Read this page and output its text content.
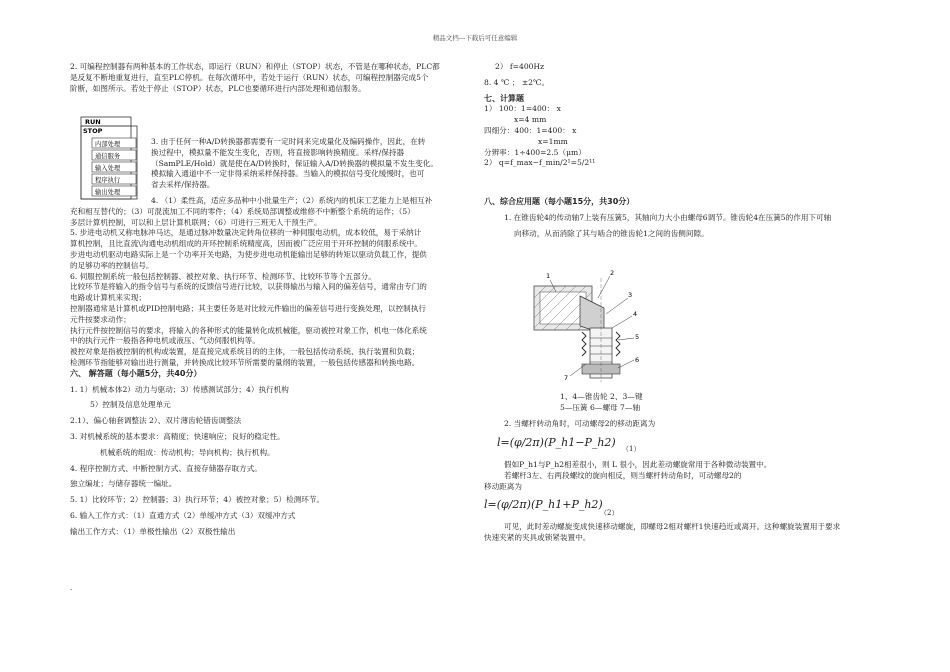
精品文档---下载后可任意编辑

2. 可编程控制器有两种基本的工作状态，即运行（RUN）和停止（STOP）状态，不管是在哪种状态，PLC都

是反复不断地重复进行，直至PLC停机。在每次循环中，若处于运行（RUN）状态，可编程控制器完成5个

阶断，如图所示。若处于停止（STOP）状态，PLC也要循环进行内部处理和通信服务。

RUN
STOP
内部处理
通信服务
输入处理
程序执行
输出处理

3. 由于任何一种A/D转换器都需要有一定时间来完成量化及编码操作，因此，在转

换过程中，模拟量不能发生变化，否则，将直接影响转换精度。采样/保持器

（SamPLE/Hold）就是使在A/D转换时，保证输入A/D转换器的模拟量不发生变化。

模拟输入通道中不一定非得采纳采样保持器。当输入的模拟信号变化缓慢时，也可

省去采样/保持器。

4. （1）柔性高，适应多品种中小批量生产；（2）系统内的机床工艺能力上是相互补

充和相互替代的；（3）可混流加工不同的零件；（4）系统局部调整或维修不中断整个系统的运作；（5）

多层计算机控制，可以和上层计算机联网；（6）可进行三班无人干预生产。

5. 步进电动机又称电脉冲马达，是通过脉冲数量决定转角位移的一种伺服电动机，成本较低，易于采纳计

算机控制，且比直流\沟通电动机组成的开环控制系统精度高，因而被广泛应用于开环控制的伺服系统中。

步进电动机驱动电路实际上是一个功率开关电路，为使步进电动机能输出足够的转矩以驱动负载工作，提供

的足够功率的控制信号。

6. 伺服控制系统一般包括控制器、被控对象、执行环节、检测环节、比较环节等个五部分。

比较环节是将输入的指令信号与系统的反馈信号进行比较，以获得输出与输入间的偏差信号，通常由专门的

电路或计算机来实现；

控制器通常是计算机或PID控制电路；其主要任务是对比较元件输出的偏差信号进行变换处理，以控制执行

元件按要求动作；

执行元件按控制信号的要求，将输入的各种形式的能量转化成机械能，驱动被控对象工作，机电一体化系统

中的执行元件一般指各种电机或液压、气动伺服机构等。

被控对象是指被控制的机构或装置，是直接完成系统目的的主体，一般包括传动系统、执行装置和负载；

检测环节指能够对输出进行测量，并转换成比较环节所需要的量纲的装置，一般包括传感器和转换电路。

六、 解答题（每小题5分，共40分）

1. 1）机械本体2）动力与驱动；3）传感测试部分；4）执行机构

5）控制及信息处理单元

2.1）、偏心轴套调整法 2）、双片薄齿轮错齿调整法

3. 对机械系统的基本要求：高精度；快速响应；良好的稳定性。

机械系统的组成：传动机构；导向机构；执行机构。

4. 程序控制方式、中断控制方式、直接存储器存取方式。

独立编址；与储存器统一编址。

5. 1）比较环节；2）控制器；3）执行环节；4）被控对象；5）检测环节。

6. 输入工作方式：（1）直通方式（2）单缓冲方式（3）双缓冲方式

输出工作方式：（1）单极性输出（2）双极性输出

.

2） f=400Hz

8. 4 ℃ ； ±2℃。

七、计算题

1） 100：1=400： x

x=4 mm

四细分：400：1=400： x

x=1mm

分辨率：1÷400=2.5（μm）

2） q=f_max−f_min/2¹=5/2¹¹

八、综合应用题（每小题15分，共30分）

1. 在锥齿轮4的传动轴7上装有压簧5，其轴向力大小由螺母6调节。锥齿轮4在压簧5的作用下可轴

向移动，从而消除了其与啮合的锥齿轮1之间的齿侧间隙。

1	2
3
4
5
6
7

1、4—锥齿轮 2、3—键

5—压簧 6—螺母 7—轴

2. 当螺杆转动角时，可动螺母2的移动距离为

l=(φ/2π)(P_h1−P_h2) （1）

假如P_h1与P_h2相差很小，则 L 很小，因此差动螺旋常用于各种微动装置中。

若螺杆3左、右两段螺纹的旋向相反，则当螺杆转动角时，可动螺母2的

移动距离为

l=(φ/2π)(P_h1+P_h2)
（2）

可见，此时差动螺旋变成快速移动螺旋，即螺母2相对螺杆1快速趋近或离开。这种螺旋装置用于要求

快速夹紧的夹具或锁紧装置中。
